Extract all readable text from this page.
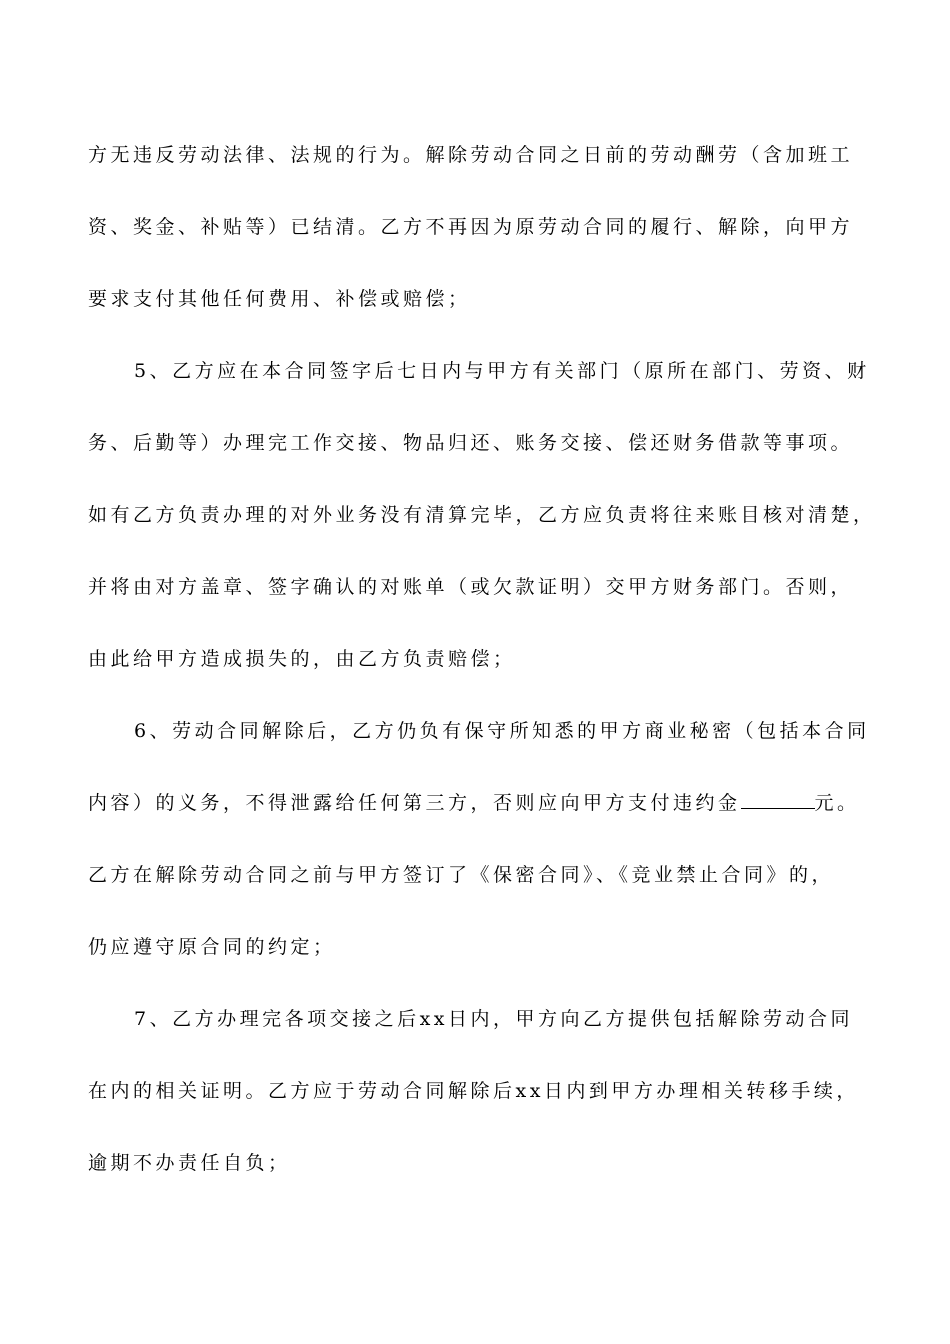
方无违反劳动法律、法规的行为。解除劳动合同之日前的劳动酬劳（含加班工
资、奖金、补贴等）已结清。乙方不再因为原劳动合同的履行、解除，向甲方
要求支付其他任何费用、补偿或赔偿；
5、乙方应在本合同签字后七日内与甲方有关部门（原所在部门、劳资、财
务、后勤等）办理完工作交接、物品归还、账务交接、偿还财务借款等事项。
如有乙方负责办理的对外业务没有清算完毕，乙方应负责将往来账目核对清楚，
并将由对方盖章、签字确认的对账单（或欠款证明）交甲方财务部门。否则，
由此给甲方造成损失的，由乙方负责赔偿；
6、劳动合同解除后，乙方仍负有保守所知悉的甲方商业秘密（包括本合同
内容）的义务，不得泄露给任何第三方，否则应向甲方支付违约金	元。
乙方在解除劳动合同之前与甲方签订了《保密合同》、《竞业禁止合同》的，
仍应遵守原合同的约定；
7、乙方办理完各项交接之后xx日内，甲方向乙方提供包括解除劳动合同
在内的相关证明。乙方应于劳动合同解除后xx日内到甲方办理相关转移手续，
逾期不办责任自负；
